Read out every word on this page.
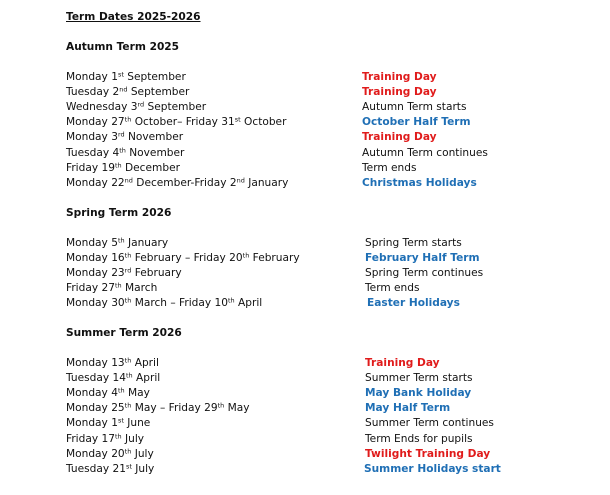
Term Dates 2025-2026
Autumn Term 2025
Monday 1st September	Training Day
Tuesday 2nd September	Training Day
Wednesday 3rd September	Autumn Term starts
Monday 27th October– Friday 31st October	October Half Term
Monday 3rd November	Training Day
Tuesday 4th November	Autumn Term continues
Friday 19th December	Term ends
Monday 22nd December-Friday 2nd January	Christmas Holidays
Spring Term 2026
Monday 5th January	Spring Term starts
Monday 16th February – Friday 20th February	February Half Term
Monday 23rd February	Spring Term continues
Friday 27th March	Term ends
Monday 30th March – Friday 10th April	Easter Holidays
Summer Term 2026
Monday 13th April	Training Day
Tuesday 14th April	Summer Term starts
Monday 4th May	May Bank Holiday
Monday 25th May – Friday 29th May	May Half Term
Monday 1st June	Summer Term continues
Friday 17th July	Term Ends for pupils
Monday 20th July	Twilight Training Day
Tuesday 21st July	Summer Holidays start
